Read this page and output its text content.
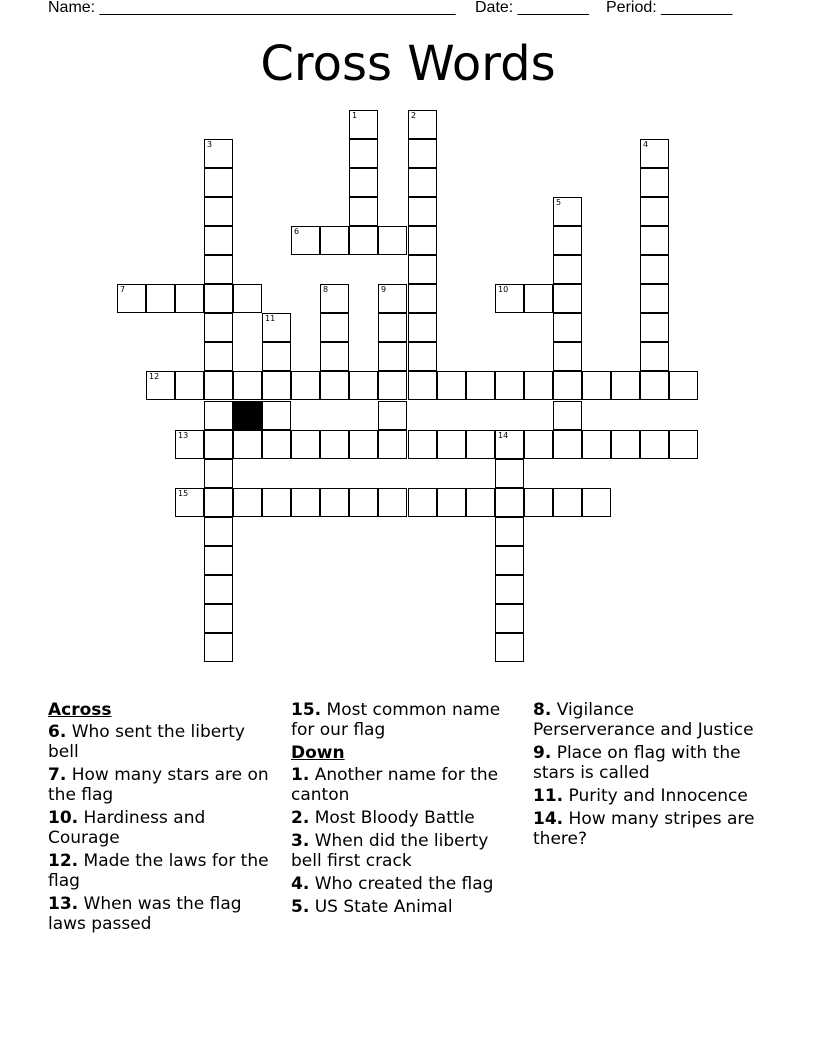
Name: ________________________________________ Date: ________ Period: ________
Cross Words
1	2
3	4
5
6
7	8	9	10
11
12
13	14
15
Across
6. Who sent the liberty bell
7. How many stars are on the flag
10. Hardiness and Courage
12. Made the laws for the flag
13. When was the flag laws passed
15. Most common name for our flag
Down
1. Another name for the canton
2. Most Bloody Battle
3. When did the liberty bell first crack
4. Who created the flag
5. US State Animal
8. Vigilance Perserverance and Justice
9. Place on flag with the stars is called
11. Purity and Innocence
14. How many stripes are there?
